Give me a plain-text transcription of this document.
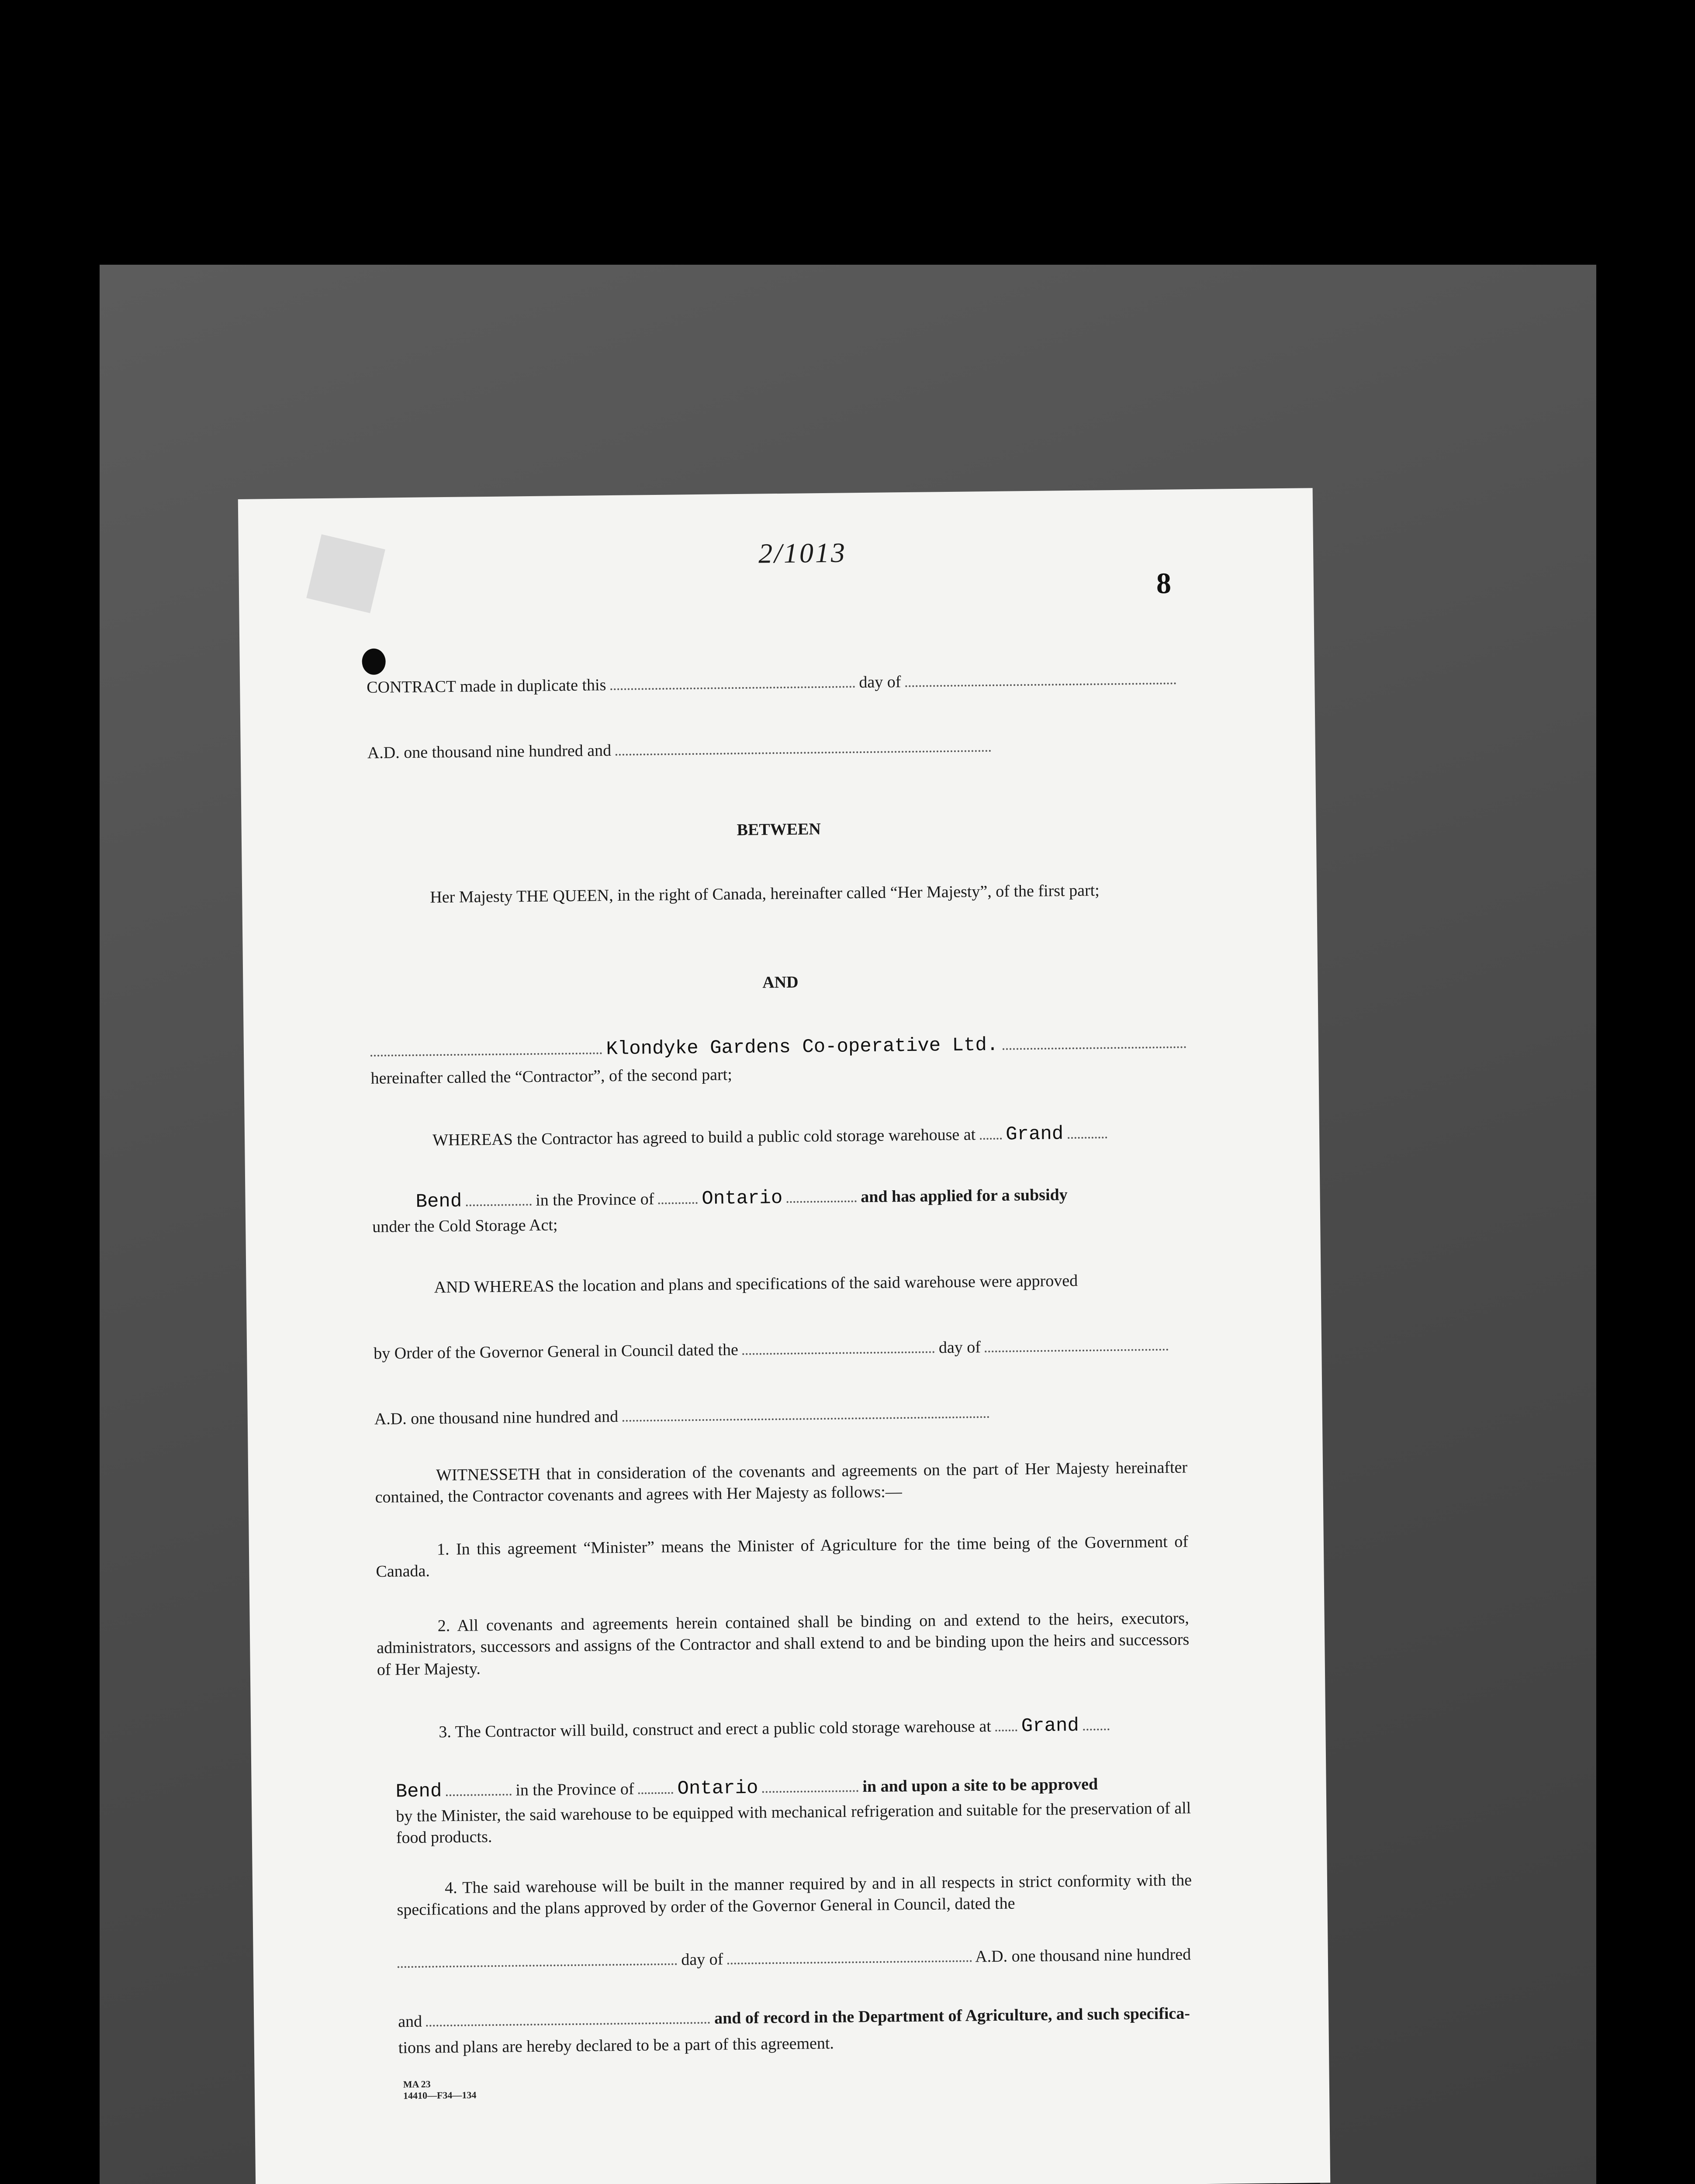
2/1013
8
CONTRACT made in duplicate this	day of
A.D. one thousand nine hundred and
BETWEEN
Her Majesty THE QUEEN, in the right of Canada, hereinafter called “Her Majesty”, of the first part;
AND
Klondyke Gardens Co-operative Ltd.
hereinafter called the “Contractor”, of the second part;
WHEREAS the Contractor has agreed to build a public cold storage warehouse at Grand
Bend	in the Province of Ontario	and has applied for a subsidy
under the Cold Storage Act;
AND WHEREAS the location and plans and specifications of the said warehouse were approved
by Order of the Governor General in Council dated the	day of
A.D. one thousand nine hundred and
WITNESSETH that in consideration of the covenants and agreements on the part of Her Majesty hereinafter contained, the Contractor covenants and agrees with Her Majesty as follows:—
1. In this agreement “Minister” means the Minister of Agriculture for the time being of the Government of Canada.
2. All covenants and agreements herein contained shall be binding on and extend to the heirs, executors, administrators, successors and assigns of the Contractor and shall extend to and be binding upon the heirs and successors of Her Majesty.
3. The Contractor will build, construct and erect a public cold storage warehouse at Grand
Bend	in the Province of Ontario	in and upon a site to be approved
by the Minister, the said warehouse to be equipped with mechanical refrigeration and suitable for the preservation of all food products.
4. The said warehouse will be built in the manner required by and in all respects in strict conformity with the specifications and the plans approved by order of the Governor General in Council, dated the
day of	A.D. one thousand nine hundred
and	and of record in the Department of Agriculture, and such specifica-
tions and plans are hereby declared to be a part of this agreement.
MA 23
14410—F34—134
